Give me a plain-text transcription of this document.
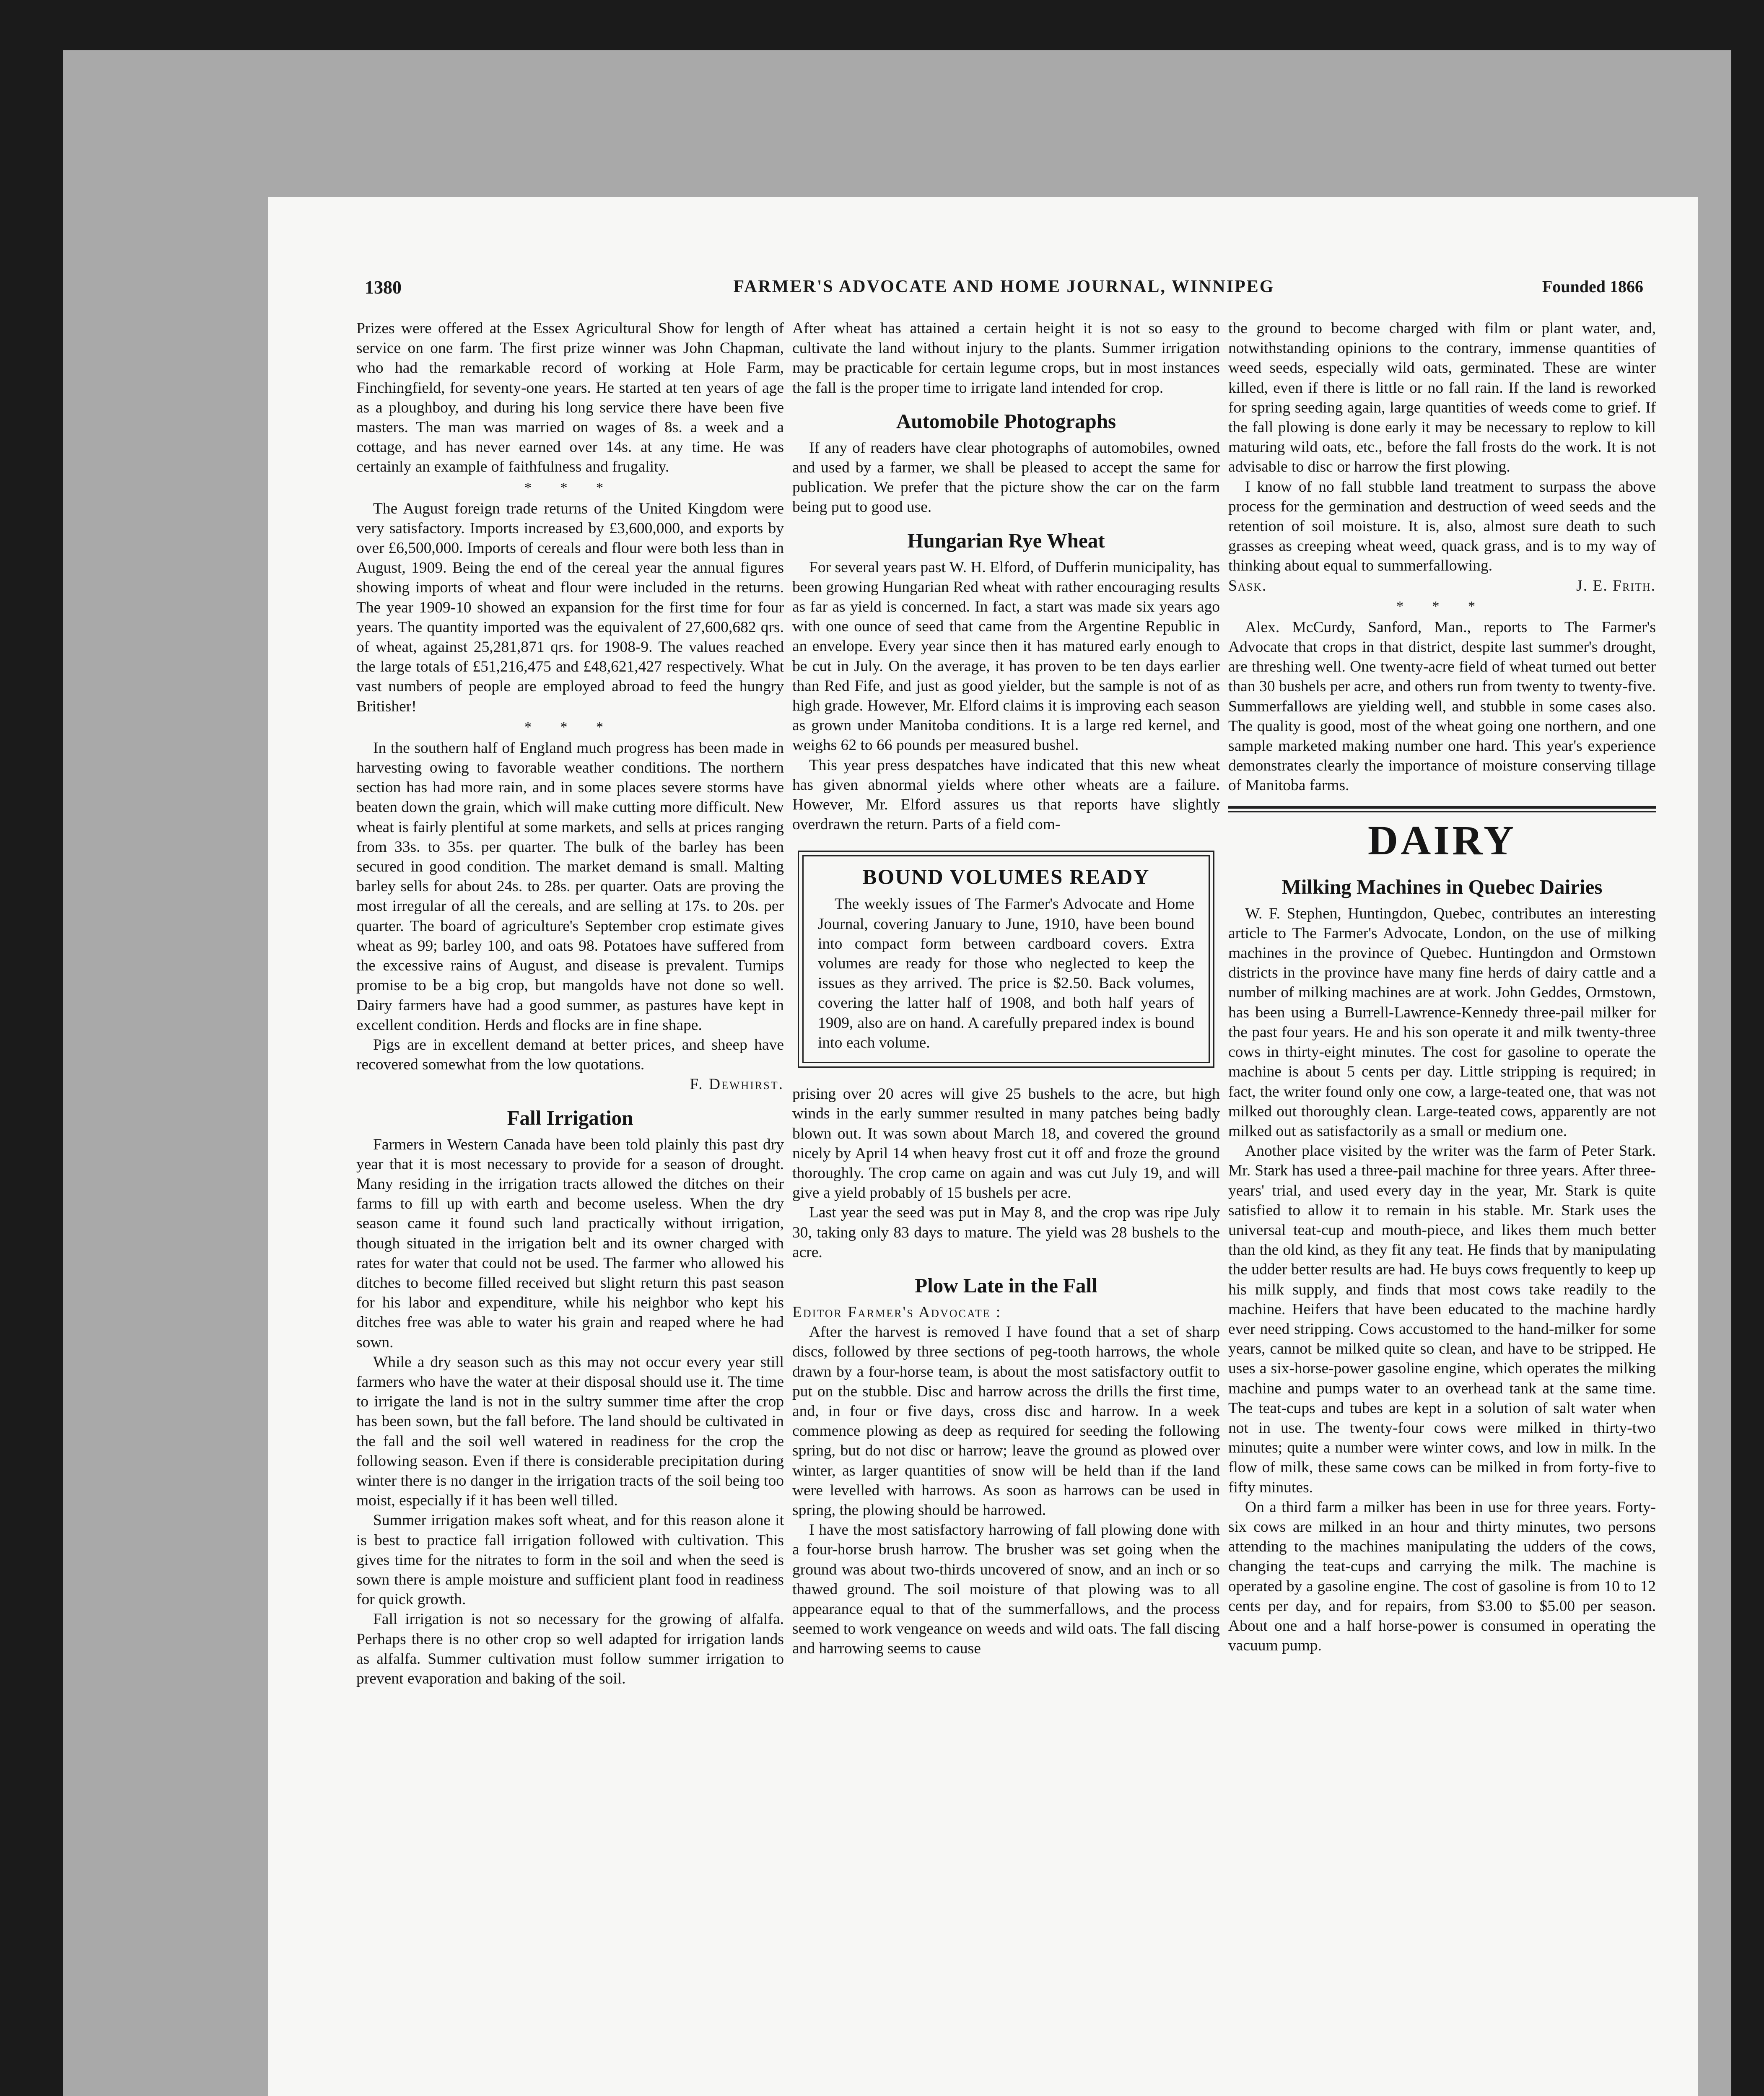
1380	FARMER'S ADVOCATE AND HOME JOURNAL, WINNIPEG	Founded 1866

Prizes were offered at the Essex Agricultural Show for length of service on one farm. The first prize winner was John Chapman, who had the remarkable record of working at Hole Farm, Finchingfield, for seventy-one years. He started at ten years of age as a ploughboy, and during his long service there have been five masters. The man was married on wages of 8s. a week and a cottage, and has never earned over 14s. at any time. He was certainly an example of faithfulness and frugality.

* * *

The August foreign trade returns of the United Kingdom were very satisfactory. Imports increased by £3,600,000, and exports by over £6,500,000. Imports of cereals and flour were both less than in August, 1909. Being the end of the cereal year the annual figures showing imports of wheat and flour were included in the returns. The year 1909-10 showed an expansion for the first time for four years. The quantity imported was the equivalent of 27,600,682 qrs. of wheat, against 25,281,871 qrs. for 1908-9. The values reached the large totals of £51,216,475 and £48,621,427 respectively. What vast numbers of people are employed abroad to feed the hungry Britisher!

* * *

In the southern half of England much progress has been made in harvesting owing to favorable weather conditions. The northern section has had more rain, and in some places severe storms have beaten down the grain, which will make cutting more difficult. New wheat is fairly plentiful at some markets, and sells at prices ranging from 33s. to 35s. per quarter. The bulk of the barley has been secured in good condition. The market demand is small. Malting barley sells for about 24s. to 28s. per quarter. Oats are proving the most irregular of all the cereals, and are selling at 17s. to 20s. per quarter. The board of agriculture's September crop estimate gives wheat as 99; barley 100, and oats 98. Potatoes have suffered from the excessive rains of August, and disease is prevalent. Turnips promise to be a big crop, but mangolds have not done so well. Dairy farmers have had a good summer, as pastures have kept in excellent condition. Herds and flocks are in fine shape.

Pigs are in excellent demand at better prices, and sheep have recovered somewhat from the low quotations.

F. Dewhirst.

Fall Irrigation

Farmers in Western Canada have been told plainly this past dry year that it is most necessary to provide for a season of drought. Many residing in the irrigation tracts allowed the ditches on their farms to fill up with earth and become useless. When the dry season came it found such land practically without irrigation, though situated in the irrigation belt and its owner charged with rates for water that could not be used. The farmer who allowed his ditches to become filled received but slight return this past season for his labor and expenditure, while his neighbor who kept his ditches free was able to water his grain and reaped where he had sown.

While a dry season such as this may not occur every year still farmers who have the water at their disposal should use it. The time to irrigate the land is not in the sultry summer time after the crop has been sown, but the fall before. The land should be cultivated in the fall and the soil well watered in readiness for the crop the following season. Even if there is considerable precipitation during winter there is no danger in the irrigation tracts of the soil being too moist, especially if it has been well tilled.

Summer irrigation makes soft wheat, and for this reason alone it is best to practice fall irrigation followed with cultivation. This gives time for the nitrates to form in the soil and when the seed is sown there is ample moisture and sufficient plant food in readiness for quick growth.

Fall irrigation is not so necessary for the growing of alfalfa. Perhaps there is no other crop so well adapted for irrigation lands as alfalfa. Summer cultivation must follow summer irrigation to prevent evaporation and baking of the soil.

After wheat has attained a certain height it is not so easy to cultivate the land without injury to the plants. Summer irrigation may be practicable for certain legume crops, but in most instances the fall is the proper time to irrigate land intended for crop.

Automobile Photographs

If any of readers have clear photographs of automobiles, owned and used by a farmer, we shall be pleased to accept the same for publication. We prefer that the picture show the car on the farm being put to good use.

Hungarian Rye Wheat

For several years past W. H. Elford, of Dufferin municipality, has been growing Hungarian Red wheat with rather encouraging results as far as yield is concerned. In fact, a start was made six years ago with one ounce of seed that came from the Argentine Republic in an envelope. Every year since then it has matured early enough to be cut in July. On the average, it has proven to be ten days earlier than Red Fife, and just as good yielder, but the sample is not of as high grade. However, Mr. Elford claims it is improving each season as grown under Manitoba conditions. It is a large red kernel, and weighs 62 to 66 pounds per measured bushel.

This year press despatches have indicated that this new wheat has given abnormal yields where other wheats are a failure. However, Mr. Elford assures us that reports have slightly overdrawn the return. Parts of a field com-

BOUND VOLUMES READY

The weekly issues of The Farmer's Advocate and Home Journal, covering January to June, 1910, have been bound into compact form between cardboard covers. Extra volumes are ready for those who neglected to keep the issues as they arrived. The price is $2.50. Back volumes, covering the latter half of 1908, and both half years of 1909, also are on hand. A carefully prepared index is bound into each volume.

prising over 20 acres will give 25 bushels to the acre, but high winds in the early summer resulted in many patches being badly blown out. It was sown about March 18, and covered the ground nicely by April 14 when heavy frost cut it off and froze the ground thoroughly. The crop came on again and was cut July 19, and will give a yield probably of 15 bushels per acre.

Last year the seed was put in May 8, and the crop was ripe July 30, taking only 83 days to mature. The yield was 28 bushels to the acre.

Plow Late in the Fall

Editor Farmer's Advocate :

After the harvest is removed I have found that a set of sharp discs, followed by three sections of peg-tooth harrows, the whole drawn by a four-horse team, is about the most satisfactory outfit to put on the stubble. Disc and harrow across the drills the first time, and, in four or five days, cross disc and harrow. In a week commence plowing as deep as required for seeding the following spring, but do not disc or harrow; leave the ground as plowed over winter, as larger quantities of snow will be held than if the land were levelled with harrows. As soon as harrows can be used in spring, the plowing should be harrowed.

I have the most satisfactory harrowing of fall plowing done with a four-horse brush harrow. The brusher was set going when the ground was about two-thirds uncovered of snow, and an inch or so thawed ground. The soil moisture of that plowing was to all appearance equal to that of the summerfallows, and the process seemed to work vengeance on weeds and wild oats. The fall discing and harrowing seems to cause

the ground to become charged with film or plant water, and, notwithstanding opinions to the contrary, immense quantities of weed seeds, especially wild oats, germinated. These are winter killed, even if there is little or no fall rain. If the land is reworked for spring seeding again, large quantities of weeds come to grief. If the fall plowing is done early it may be necessary to replow to kill maturing wild oats, etc., before the fall frosts do the work. It is not advisable to disc or harrow the first plowing.

I know of no fall stubble land treatment to surpass the above process for the germination and destruction of weed seeds and the retention of soil moisture. It is, also, almost sure death to such grasses as creeping wheat weed, quack grass, and is to my way of thinking about equal to summerfallowing.

Sask.	J. E. Frith.
* * *

Alex. McCurdy, Sanford, Man., reports to The Farmer's Advocate that crops in that district, despite last summer's drought, are threshing well. One twenty-acre field of wheat turned out better than 30 bushels per acre, and others run from twenty to twenty-five. Summerfallows are yielding well, and stubble in some cases also. The quality is good, most of the wheat going one northern, and one sample marketed making number one hard. This year's experience demonstrates clearly the importance of moisture conserving tillage of Manitoba farms.

DAIRY
Milking Machines in Quebec Dairies

W. F. Stephen, Huntingdon, Quebec, contributes an interesting article to The Farmer's Advocate, London, on the use of milking machines in the province of Quebec. Huntingdon and Ormstown districts in the province have many fine herds of dairy cattle and a number of milking machines are at work. John Geddes, Ormstown, has been using a Burrell-Lawrence-Kennedy three-pail milker for the past four years. He and his son operate it and milk twenty-three cows in thirty-eight minutes. The cost for gasoline to operate the machine is about 5 cents per day. Little stripping is required; in fact, the writer found only one cow, a large-teated one, that was not milked out thoroughly clean. Large-teated cows, apparently are not milked out as satisfactorily as a small or medium one.

Another place visited by the writer was the farm of Peter Stark. Mr. Stark has used a three-pail machine for three years. After three-years' trial, and used every day in the year, Mr. Stark is quite satisfied to allow it to remain in his stable. Mr. Stark uses the universal teat-cup and mouth-piece, and likes them much better than the old kind, as they fit any teat. He finds that by manipulating the udder better results are had. He buys cows frequently to keep up his milk supply, and finds that most cows take readily to the machine. Heifers that have been educated to the machine hardly ever need stripping. Cows accustomed to the hand-milker for some years, cannot be milked quite so clean, and have to be stripped. He uses a six-horse-power gasoline engine, which operates the milking machine and pumps water to an overhead tank at the same time. The teat-cups and tubes are kept in a solution of salt water when not in use. The twenty-four cows were milked in thirty-two minutes; quite a number were winter cows, and low in milk. In the flow of milk, these same cows can be milked in from forty-five to fifty minutes.

On a third farm a milker has been in use for three years. Forty-six cows are milked in an hour and thirty minutes, two persons attending to the machines manipulating the udders of the cows, changing the teat-cups and carrying the milk. The machine is operated by a gasoline engine. The cost of gasoline is from 10 to 12 cents per day, and for repairs, from $3.00 to $5.00 per season. About one and a half horse-power is consumed in operating the vacuum pump.
